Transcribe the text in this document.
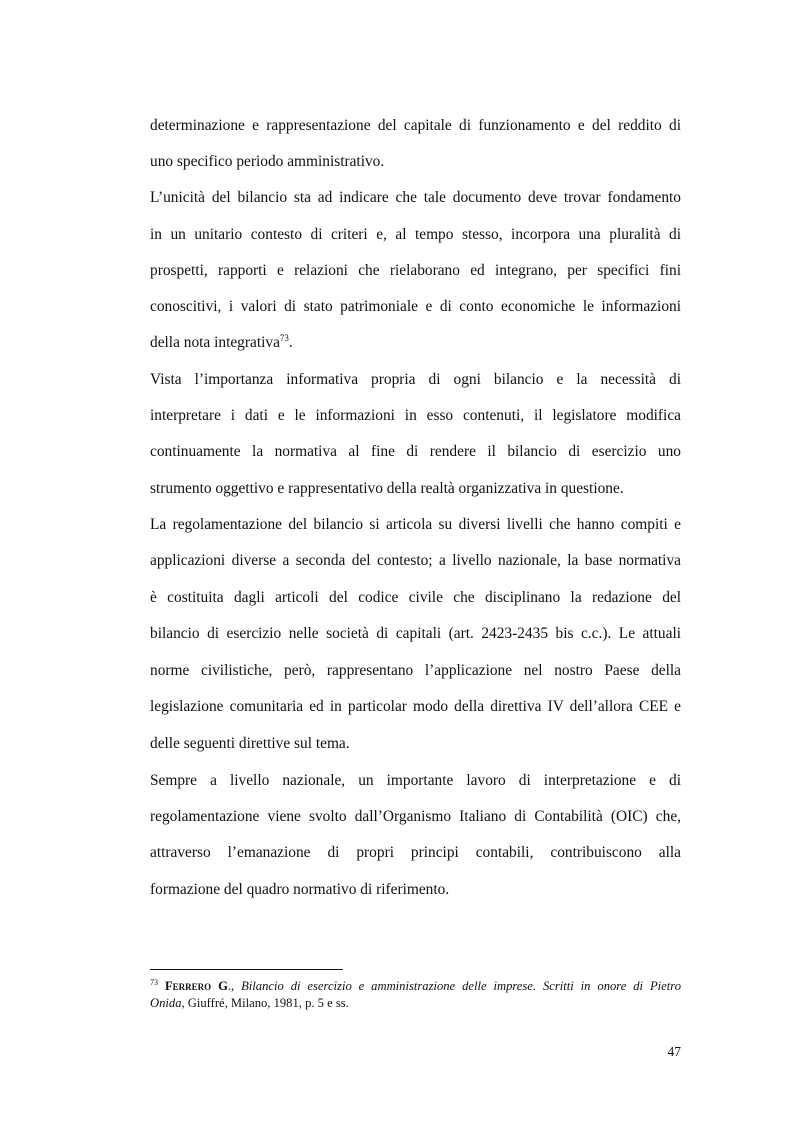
determinazione e rappresentazione del capitale di funzionamento e del reddito di
uno specifico periodo amministrativo.
L’unicità del bilancio sta ad indicare che tale documento deve trovar fondamento
in un unitario contesto di criteri e, al tempo stesso, incorpora una pluralità di
prospetti, rapporti e relazioni che rielaborano ed integrano, per specifici fini
conoscitivi, i valori di stato patrimoniale e di conto economiche le informazioni
della nota integrativa$^{73}$.
Vista l’importanza informativa propria di ogni bilancio e la necessità di
interpretare i dati e le informazioni in esso contenuti, il legislatore modifica
continuamente la normativa al fine di rendere il bilancio di esercizio uno
strumento oggettivo e rappresentativo della realtà organizzativa in questione.
La regolamentazione del bilancio si articola su diversi livelli che hanno compiti e
applicazioni diverse a seconda del contesto; a livello nazionale, la base normativa
è costituita dagli articoli del codice civile che disciplinano la redazione del
bilancio di esercizio nelle società di capitali (art. 2423-2435 bis c.c.). Le attuali
norme civilistiche, però, rappresentano l’applicazione nel nostro Paese della
legislazione comunitaria ed in particolar modo della direttiva IV dell’allora CEE e
delle seguenti direttive sul tema.
Sempre a livello nazionale, un importante lavoro di interpretazione e di
regolamentazione viene svolto dall’Organismo Italiano di Contabilità (OIC) che,
attraverso l’emanazione di propri principi contabili, contribuiscono alla
formazione del quadro normativo di riferimento.
$^{73}$ Ferrero G., Bilancio di esercizio e amministrazione delle imprese. Scritti in onore di Pietro
Onida, Giuffré, Milano, 1981, p. 5 e ss.
47
